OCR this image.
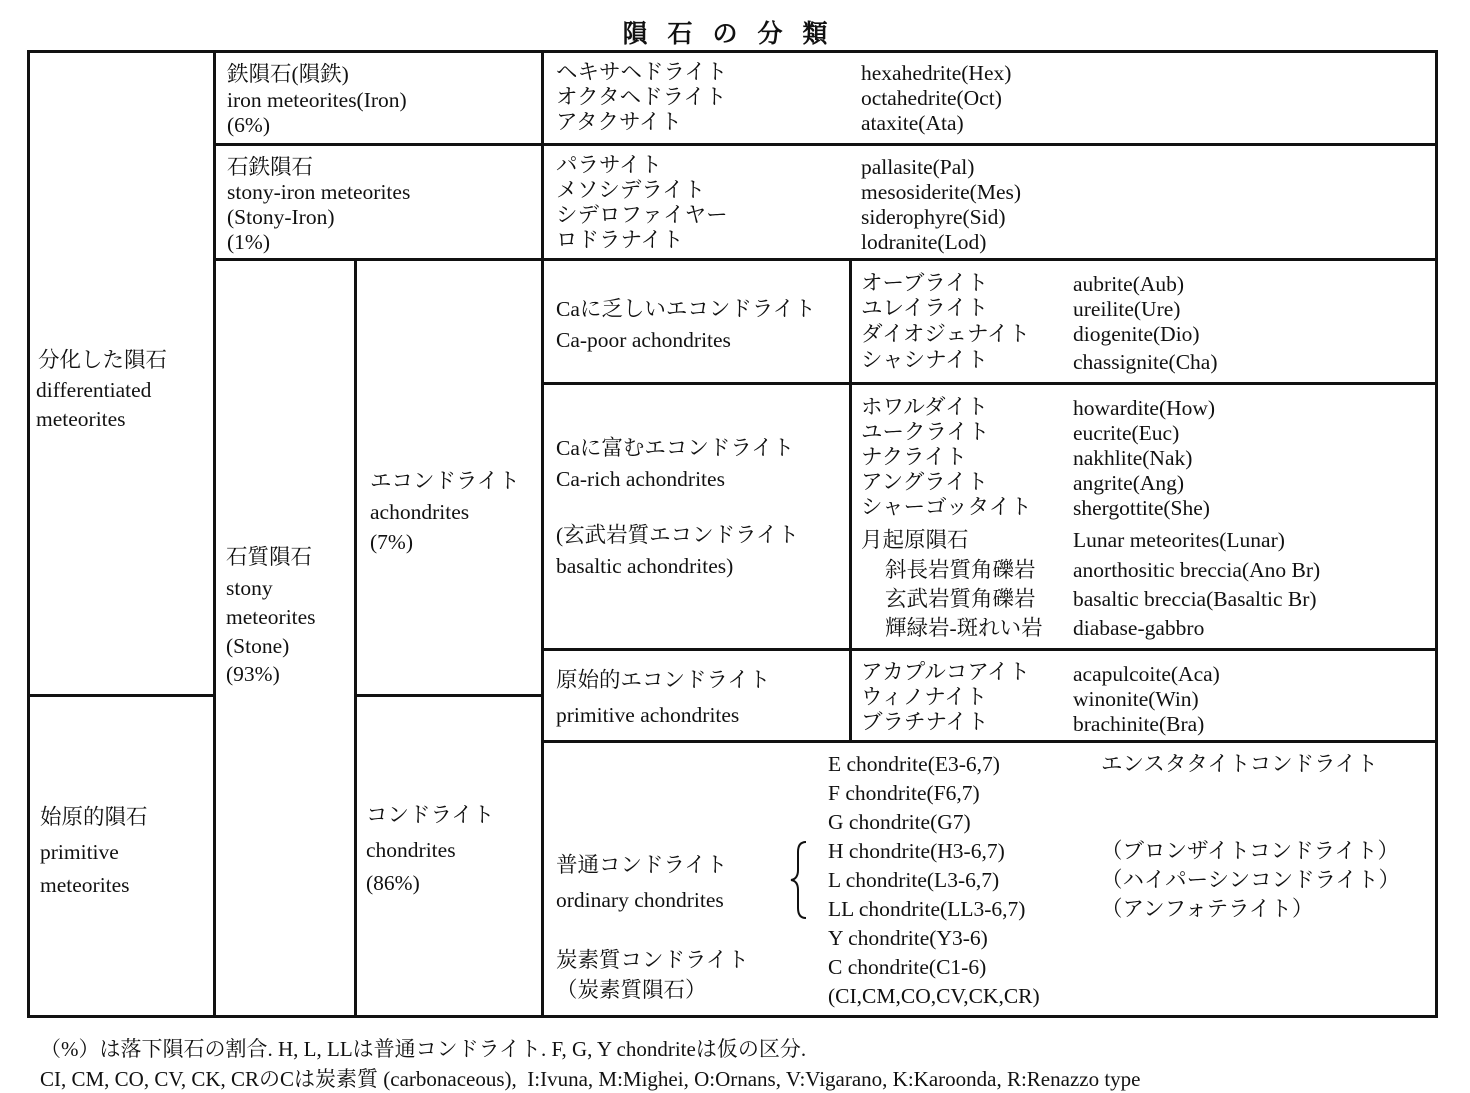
隕石の分類
分化した隕石
differentiated
meteorites
始原的隕石
primitive
meteorites
鉄隕石(隕鉄)
iron meteorites(Iron)
(6%)
ヘキサヘドライト
オクタヘドライト
アタクサイト
hexahedrite(Hex)
octahedrite(Oct)
ataxite(Ata)
石鉄隕石
stony-iron meteorites
(Stony-Iron)
(1%)
パラサイト
メソシデライト
シデロファイヤー
ロドラナイト
pallasite(Pal)
mesosiderite(Mes)
siderophyre(Sid)
lodranite(Lod)
石質隕石
stony
meteorites
(Stone)
(93%)
エコンドライト
achondrites
(7%)
Caに乏しいエコンドライト
Ca-poor achondrites
オーブライト
ユレイライト
ダイオジェナイト
シャシナイト
aubrite(Aub)
ureilite(Ure)
diogenite(Dio)
chassignite(Cha)
Caに富むエコンドライト
Ca-rich achondrites
(玄武岩質エコンドライト
basaltic achondrites)
ホワルダイト
ユークライト
ナクライト
アングライト
シャーゴッタイト
howardite(How)
eucrite(Euc)
nakhlite(Nak)
angrite(Ang)
shergottite(She)
月起原隕石
斜長岩質角礫岩
玄武岩質角礫岩
輝緑岩-斑れい岩
Lunar meteorites(Lunar)
anorthositic breccia(Ano Br)
basaltic breccia(Basaltic Br)
diabase-gabbro
原始的エコンドライト
primitive achondrites
アカプルコアイト
ウィノナイト
ブラチナイト
acapulcoite(Aca)
winonite(Win)
brachinite(Bra)
コンドライト
chondrites
(86%)
普通コンドライト
ordinary chondrites
炭素質コンドライト
（炭素質隕石）
E chondrite(E3-6,7)
F chondrite(F6,7)
G chondrite(G7)
H chondrite(H3-6,7)
L chondrite(L3-6,7)
LL chondrite(LL3-6,7)
Y chondrite(Y3-6)
C chondrite(C1-6)
(CI,CM,CO,CV,CK,CR)
エンスタタイトコンドライト
（ブロンザイトコンドライト）
（ハイパーシンコンドライト）
（アンフォテライト）
（%）は落下隕石の割合. H, L, LLは普通コンドライト. F, G, Y chondriteは仮の区分.
CI, CM, CO, CV, CK, CRのCは炭素質 (carbonaceous),  I:Ivuna, M:Mighei, O:Ornans, V:Vigarano, K:Karoonda, R:Renazzo type
